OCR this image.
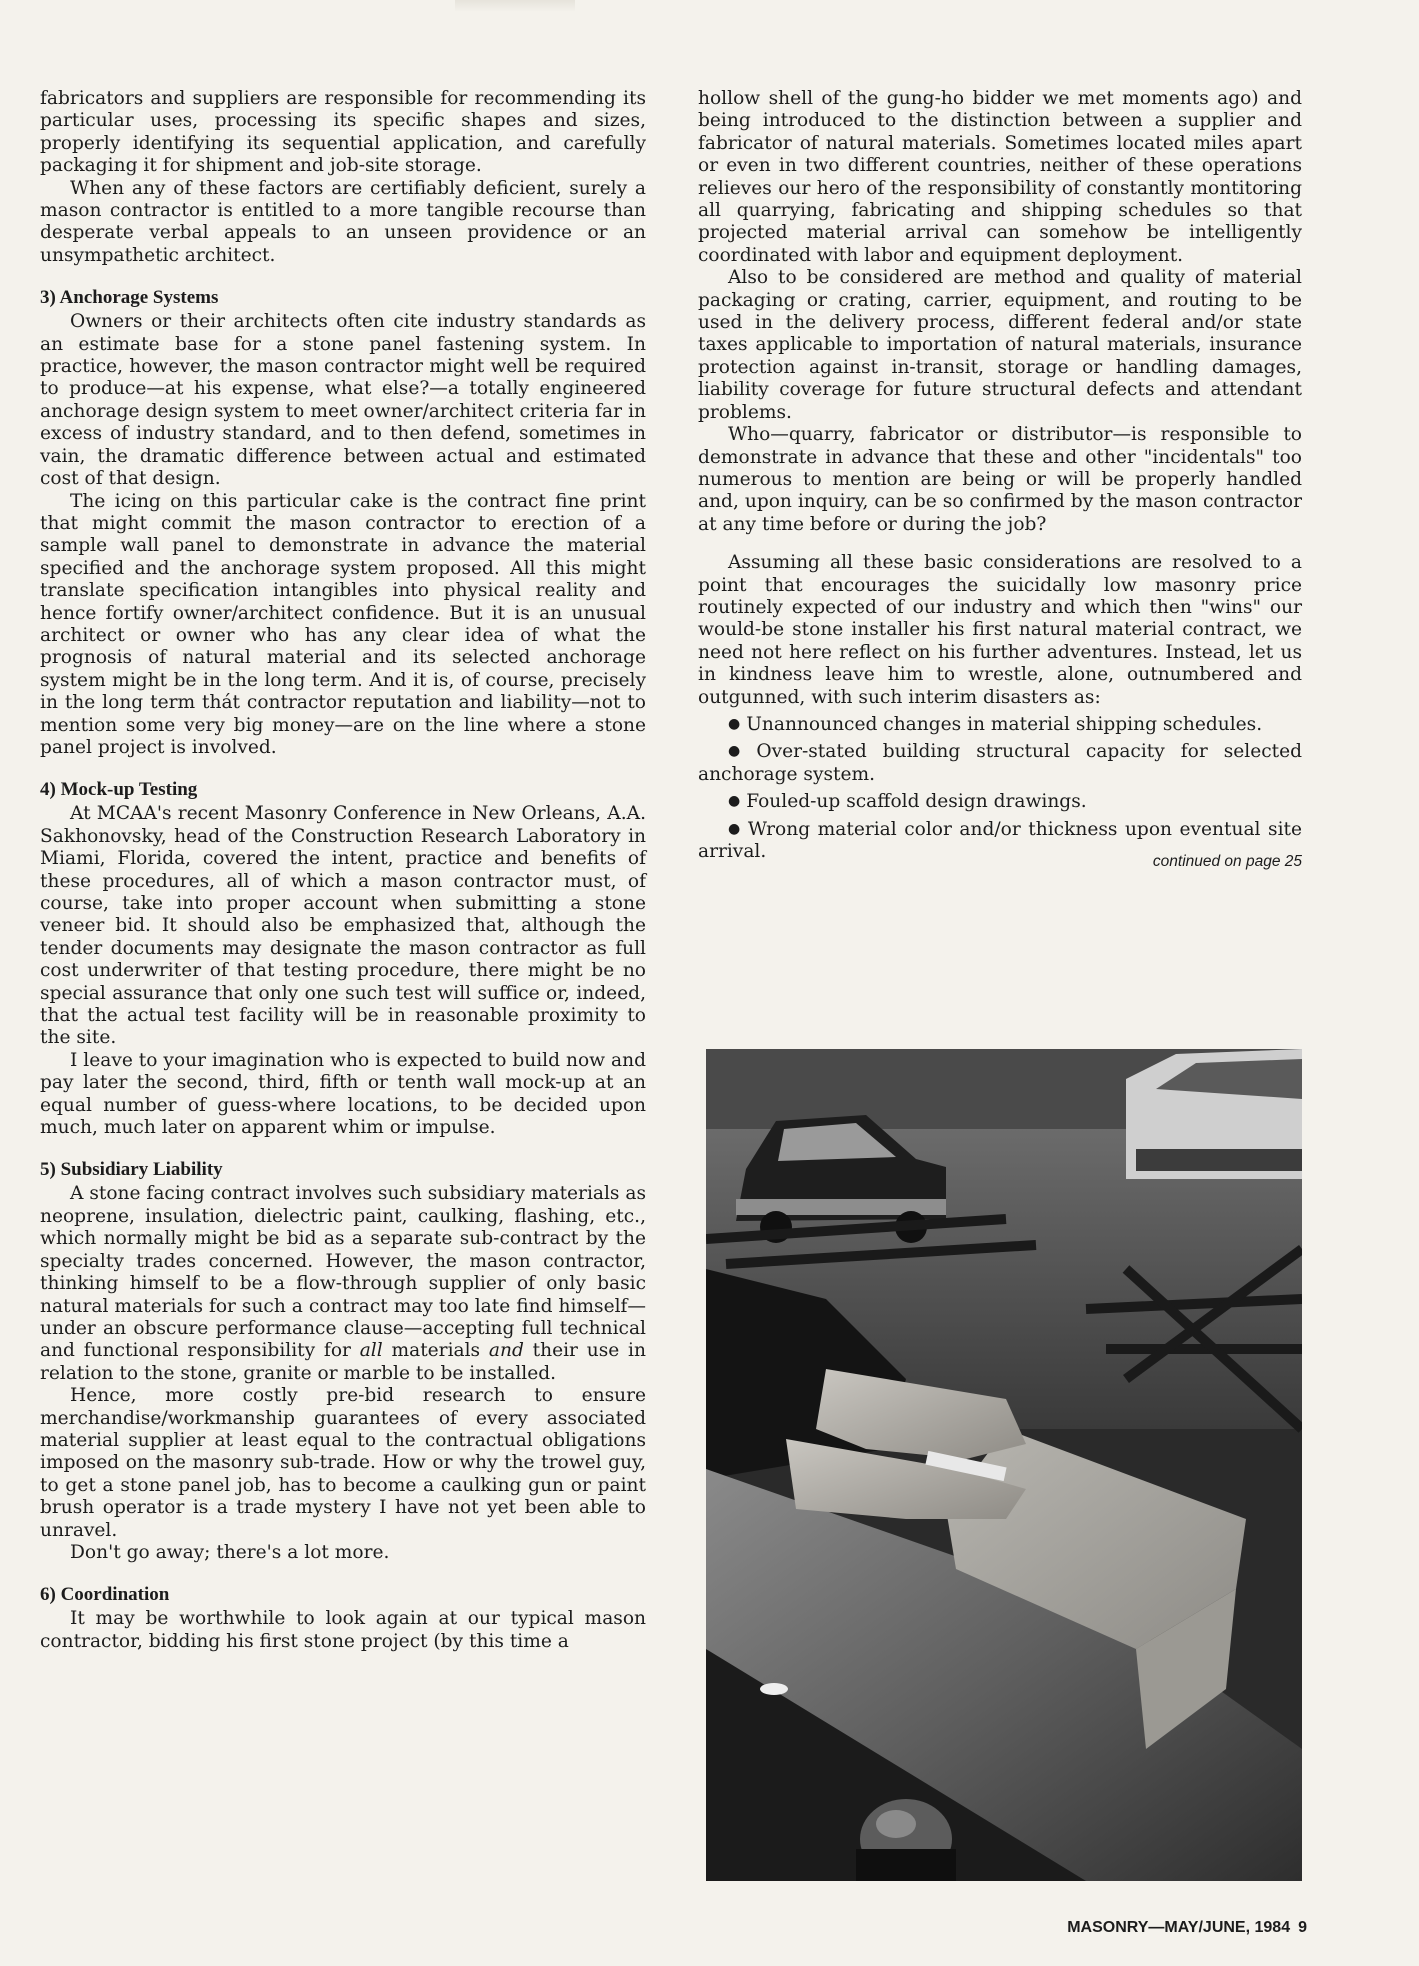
fabricators and suppliers are responsible for recommending its particular uses, processing its specific shapes and sizes, properly identifying its sequential application, and carefully packaging it for shipment and job-site storage.

When any of these factors are certifiably deficient, surely a mason contractor is entitled to a more tangible recourse than desperate verbal appeals to an unseen providence or an unsympathetic architect.

3) Anchorage Systems

Owners or their architects often cite industry standards as an estimate base for a stone panel fastening system. In practice, however, the mason contractor might well be required to produce—at his expense, what else?—a totally engineered anchorage design system to meet owner/architect criteria far in excess of industry standard, and to then defend, sometimes in vain, the dramatic difference between actual and estimated cost of that design.

The icing on this particular cake is the contract fine print that might commit the mason contractor to erection of a sample wall panel to demonstrate in advance the material specified and the anchorage system proposed. All this might translate specification intangibles into physical reality and hence fortify owner/architect confidence. But it is an unusual architect or owner who has any clear idea of what the prognosis of natural material and its selected anchorage system might be in the long term. And it is, of course, precisely in the long term thát contractor reputation and liability—not to mention some very big money—are on the line where a stone panel project is involved.

4) Mock-up Testing

At MCAA's recent Masonry Conference in New Orleans, A.A. Sakhonovsky, head of the Construction Research Laboratory in Miami, Florida, covered the intent, practice and benefits of these procedures, all of which a mason contractor must, of course, take into proper account when submitting a stone veneer bid. It should also be emphasized that, although the tender documents may designate the mason contractor as full cost underwriter of that testing procedure, there might be no special assurance that only one such test will suffice or, indeed, that the actual test facility will be in reasonable proximity to the site.

I leave to your imagination who is expected to build now and pay later the second, third, fifth or tenth wall mock-up at an equal number of guess-where locations, to be decided upon much, much later on apparent whim or impulse.

5) Subsidiary Liability

A stone facing contract involves such subsidiary materials as neoprene, insulation, dielectric paint, caulking, flashing, etc., which normally might be bid as a separate sub-contract by the specialty trades concerned. However, the mason contractor, thinking himself to be a flow-through supplier of only basic natural materials for such a contract may too late find himself—under an obscure performance clause—accepting full technical and functional responsibility for all materials and their use in relation to the stone, granite or marble to be installed.

Hence, more costly pre-bid research to ensure merchandise/workmanship guarantees of every associated material supplier at least equal to the contractual obligations imposed on the masonry sub-trade. How or why the trowel guy, to get a stone panel job, has to become a caulking gun or paint brush operator is a trade mystery I have not yet been able to unravel.

Don't go away; there's a lot more.

6) Coordination

It may be worthwhile to look again at our typical mason contractor, bidding his first stone project (by this time a

hollow shell of the gung-ho bidder we met moments ago) and being introduced to the distinction between a supplier and fabricator of natural materials. Sometimes located miles apart or even in two different countries, neither of these operations relieves our hero of the responsibility of constantly montitoring all quarrying, fabricating and shipping schedules so that projected material arrival can somehow be intelligently coordinated with labor and equipment deployment.

Also to be considered are method and quality of material packaging or crating, carrier, equipment, and routing to be used in the delivery process, different federal and/or state taxes applicable to importation of natural materials, insurance protection against in-transit, storage or handling damages, liability coverage for future structural defects and attendant problems.

Who—quarry, fabricator or distributor—is responsible to demonstrate in advance that these and other "incidentals" too numerous to mention are being or will be properly handled and, upon inquiry, can be so confirmed by the mason contractor at any time before or during the job?

Assuming all these basic considerations are resolved to a point that encourages the suicidally low masonry price routinely expected of our industry and which then "wins" our would-be stone installer his first natural material contract, we need not here reflect on his further adventures. Instead, let us in kindness leave him to wrestle, alone, outnumbered and outgunned, with such interim disasters as:

● Unannounced changes in material shipping schedules.

● Over-stated building structural capacity for selected anchorage system.

● Fouled-up scaffold design drawings.

● Wrong material color and/or thickness upon eventual site arrival.	continued on page 25
MASONRY—MAY/JUNE, 1984 9
